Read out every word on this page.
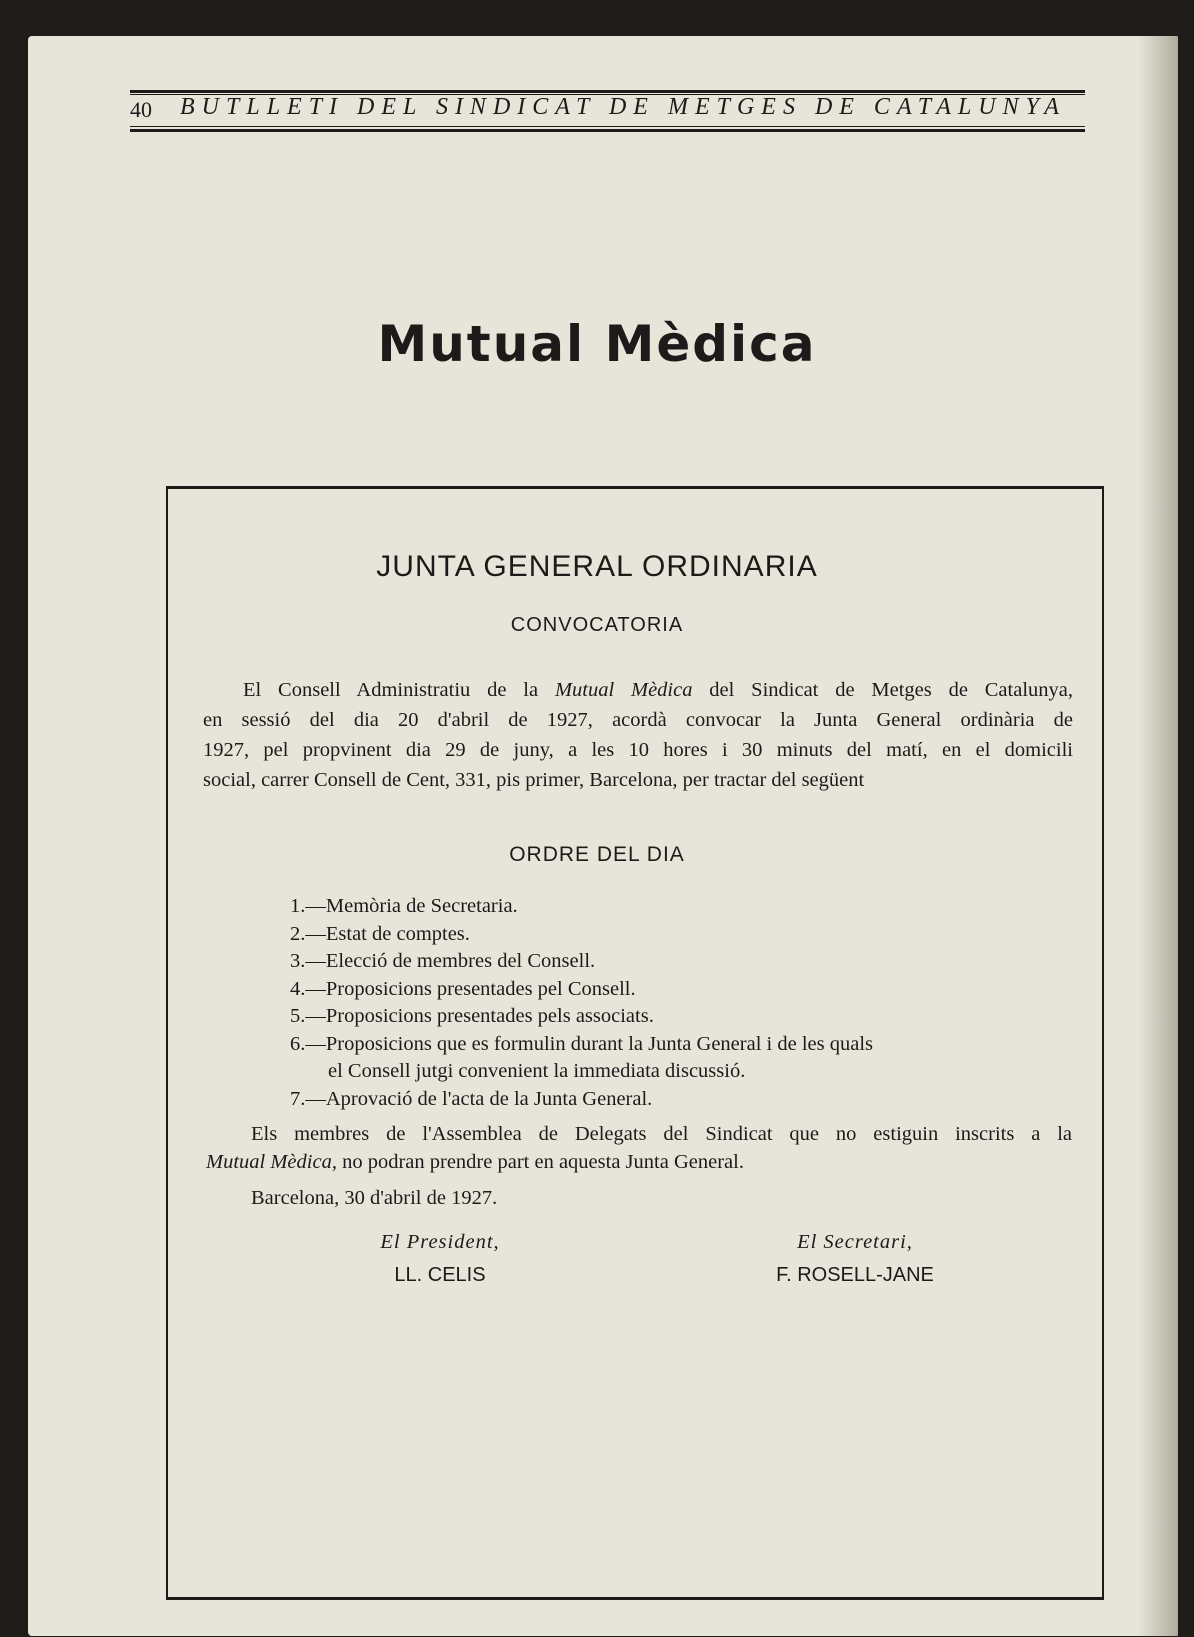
40 BUTLLETI DEL SINDICAT DE METGES DE CATALUNYA
Mutual Mèdica
JUNTA GENERAL ORDINARIA
CONVOCATORIA
El Consell Administratiu de la Mutual Mèdica del Sindicat de Metges de Catalunya,
en sessió del dia 20 d'abril de 1927, acordà convocar la Junta General ordinària de
1927, pel propvinent dia 29 de juny, a les 10 hores i 30 minuts del matí, en el domicili
social, carrer Consell de Cent, 331, pis primer, Barcelona, per tractar del següent
ORDRE DEL DIA
1.—Memòria de Secretaria.
2.—Estat de comptes.
3.—Elecció de membres del Consell.
4.—Proposicions presentades pel Consell.
5.—Proposicions presentades pels associats.
6.—Proposicions que es formulin durant la Junta General i de les quals
el Consell jutgi convenient la immediata discussió.
7.—Aprovació de l'acta de la Junta General.
Els membres de l'Assemblea de Delegats del Sindicat que no estiguin inscrits a la
Mutual Mèdica, no podran prendre part en aquesta Junta General.
Barcelona, 30 d'abril de 1927.
El President,
LL. CELIS
El Secretari,
F. ROSELL-JANE
